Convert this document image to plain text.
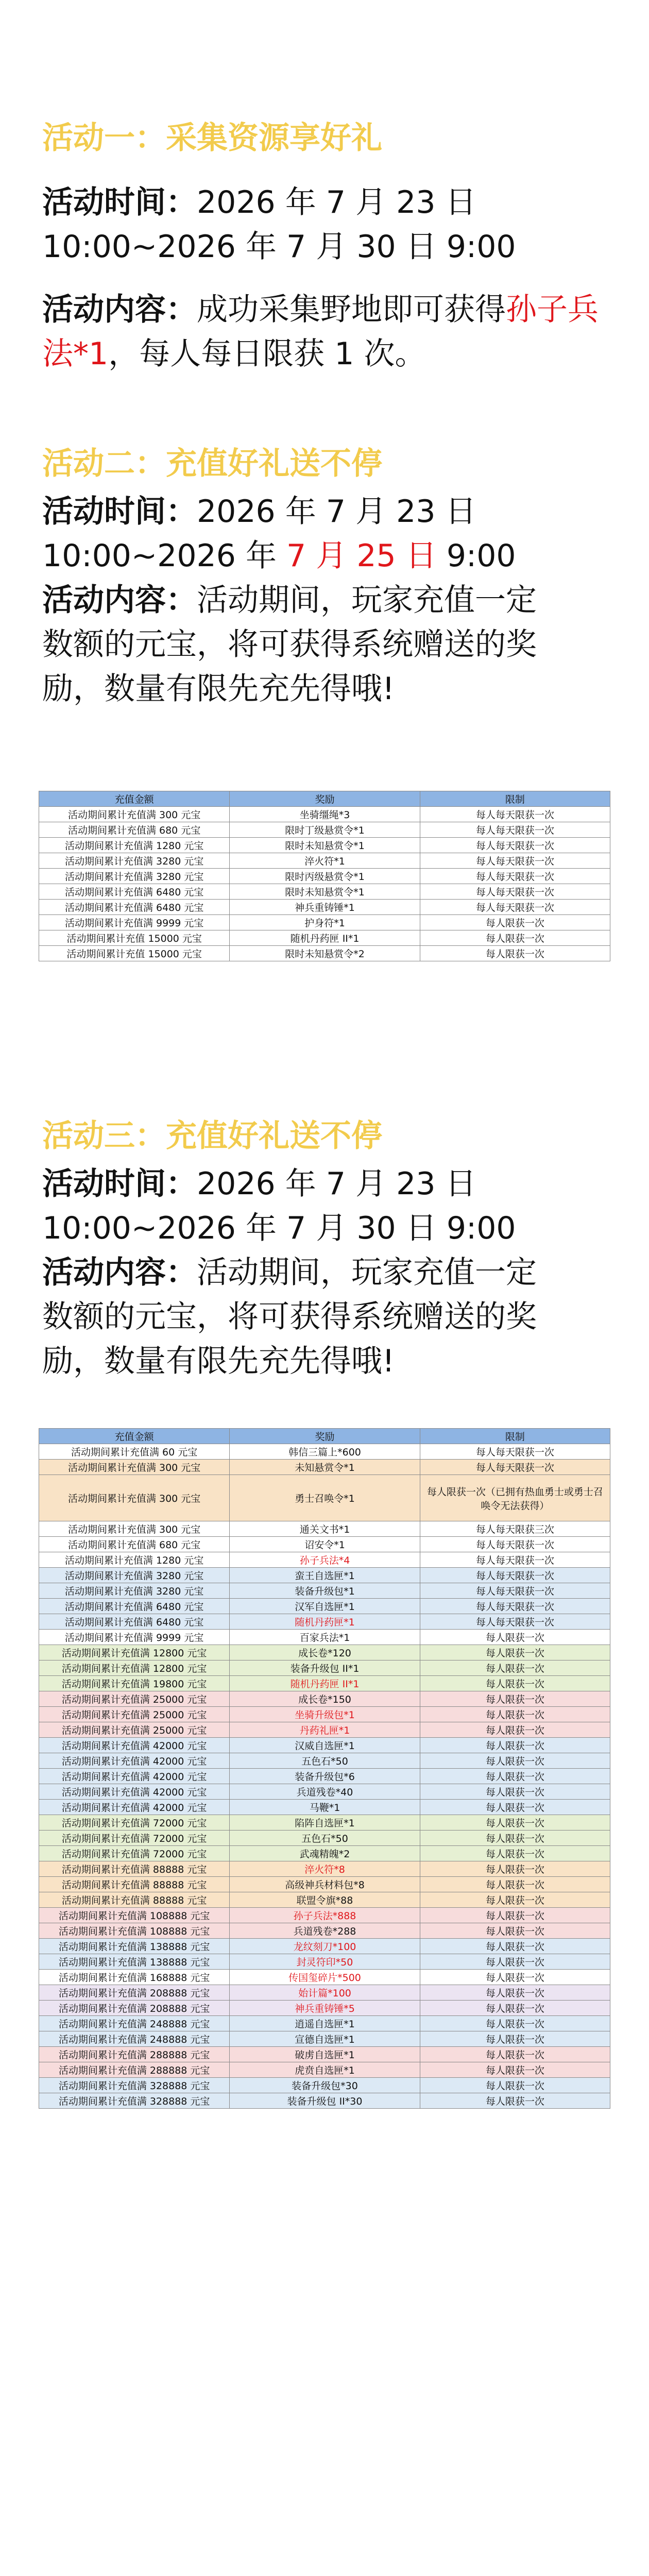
活动一：采集资源享好礼

活动时间：2026 年 7 月 23 日
10:00~2026 年 7 月 30 日 9:00

活动内容：成功采集野地即可获得孙子兵法*1，每人每日限获 1 次。

活动二：充值好礼送不停

活动时间：2026 年 7 月 23 日
10:00~2026 年 7 月 25 日 9:00

活动内容：活动期间，玩家充值一定
数额的元宝，将可获得系统赠送的奖
励，数量有限先充先得哦!

充值金额	奖励	限制
活动期间累计充值满 300 元宝	坐骑缰绳*3	每人每天限获一次
活动期间累计充值满 680 元宝	限时丁级悬赏令*1	每人每天限获一次
活动期间累计充值满 1280 元宝	限时未知悬赏令*1	每人每天限获一次
活动期间累计充值满 3280 元宝	淬火符*1	每人每天限获一次
活动期间累计充值满 3280 元宝	限时丙级悬赏令*1	每人每天限获一次
活动期间累计充值满 6480 元宝	限时未知悬赏令*1	每人每天限获一次
活动期间累计充值满 6480 元宝	神兵重铸锤*1	每人每天限获一次
活动期间累计充值满 9999 元宝	护身符*1	每人限获一次
活动期间累计充值 15000 元宝	随机丹药匣 II*1	每人限获一次
活动期间累计充值 15000 元宝	限时未知悬赏令*2	每人限获一次

活动三：充值好礼送不停

活动时间：2026 年 7 月 23 日
10:00~2026 年 7 月 30 日 9:00

活动内容：活动期间，玩家充值一定
数额的元宝，将可获得系统赠送的奖
励，数量有限先充先得哦!

充值金额	奖励	限制
活动期间累计充值满 60 元宝	韩信三篇上*600	每人每天限获一次
活动期间累计充值满 300 元宝	未知悬赏令*1	每人每天限获一次
活动期间累计充值满 300 元宝	勇士召唤令*1	每人限获一次（已拥有热血勇士或勇士召唤令无法获得）
活动期间累计充值满 300 元宝	通关文书*1	每人每天限获三次
活动期间累计充值满 680 元宝	诏安令*1	每人每天限获一次
活动期间累计充值满 1280 元宝	孙子兵法*4	每人每天限获一次
活动期间累计充值满 3280 元宝	蛮王自选匣*1	每人每天限获一次
活动期间累计充值满 3280 元宝	装备升级包*1	每人每天限获一次
活动期间累计充值满 6480 元宝	汉军自选匣*1	每人每天限获一次
活动期间累计充值满 6480 元宝	随机丹药匣*1	每人每天限获一次
活动期间累计充值满 9999 元宝	百家兵法*1	每人限获一次
活动期间累计充值满 12800 元宝	成长卷*120	每人限获一次
活动期间累计充值满 12800 元宝	装备升级包 II*1	每人限获一次
活动期间累计充值满 19800 元宝	随机丹药匣 II*1	每人限获一次
活动期间累计充值满 25000 元宝	成长卷*150	每人限获一次
活动期间累计充值满 25000 元宝	坐骑升级包*1	每人限获一次
活动期间累计充值满 25000 元宝	丹药礼匣*1	每人限获一次
活动期间累计充值满 42000 元宝	汉威自选匣*1	每人限获一次
活动期间累计充值满 42000 元宝	五色石*50	每人限获一次
活动期间累计充值满 42000 元宝	装备升级包*6	每人限获一次
活动期间累计充值满 42000 元宝	兵道残卷*40	每人限获一次
活动期间累计充值满 42000 元宝	马鞭*1	每人限获一次
活动期间累计充值满 72000 元宝	陷阵自选匣*1	每人限获一次
活动期间累计充值满 72000 元宝	五色石*50	每人限获一次
活动期间累计充值满 72000 元宝	武魂精魄*2	每人限获一次
活动期间累计充值满 88888 元宝	淬火符*8	每人限获一次
活动期间累计充值满 88888 元宝	高级神兵材料包*8	每人限获一次
活动期间累计充值满 88888 元宝	联盟令旗*88	每人限获一次
活动期间累计充值满 108888 元宝	孙子兵法*888	每人限获一次
活动期间累计充值满 108888 元宝	兵道残卷*288	每人限获一次
活动期间累计充值满 138888 元宝	龙纹刻刀*100	每人限获一次
活动期间累计充值满 138888 元宝	封灵符印*50	每人限获一次
活动期间累计充值满 168888 元宝	传国玺碎片*500	每人限获一次
活动期间累计充值满 208888 元宝	始计篇*100	每人限获一次
活动期间累计充值满 208888 元宝	神兵重铸锤*5	每人限获一次
活动期间累计充值满 248888 元宝	逍遥自选匣*1	每人限获一次
活动期间累计充值满 248888 元宝	宣德自选匣*1	每人限获一次
活动期间累计充值满 288888 元宝	破虏自选匣*1	每人限获一次
活动期间累计充值满 288888 元宝	虎贲自选匣*1	每人限获一次
活动期间累计充值满 328888 元宝	装备升级包*30	每人限获一次
活动期间累计充值满 328888 元宝	装备升级包 II*30	每人限获一次
